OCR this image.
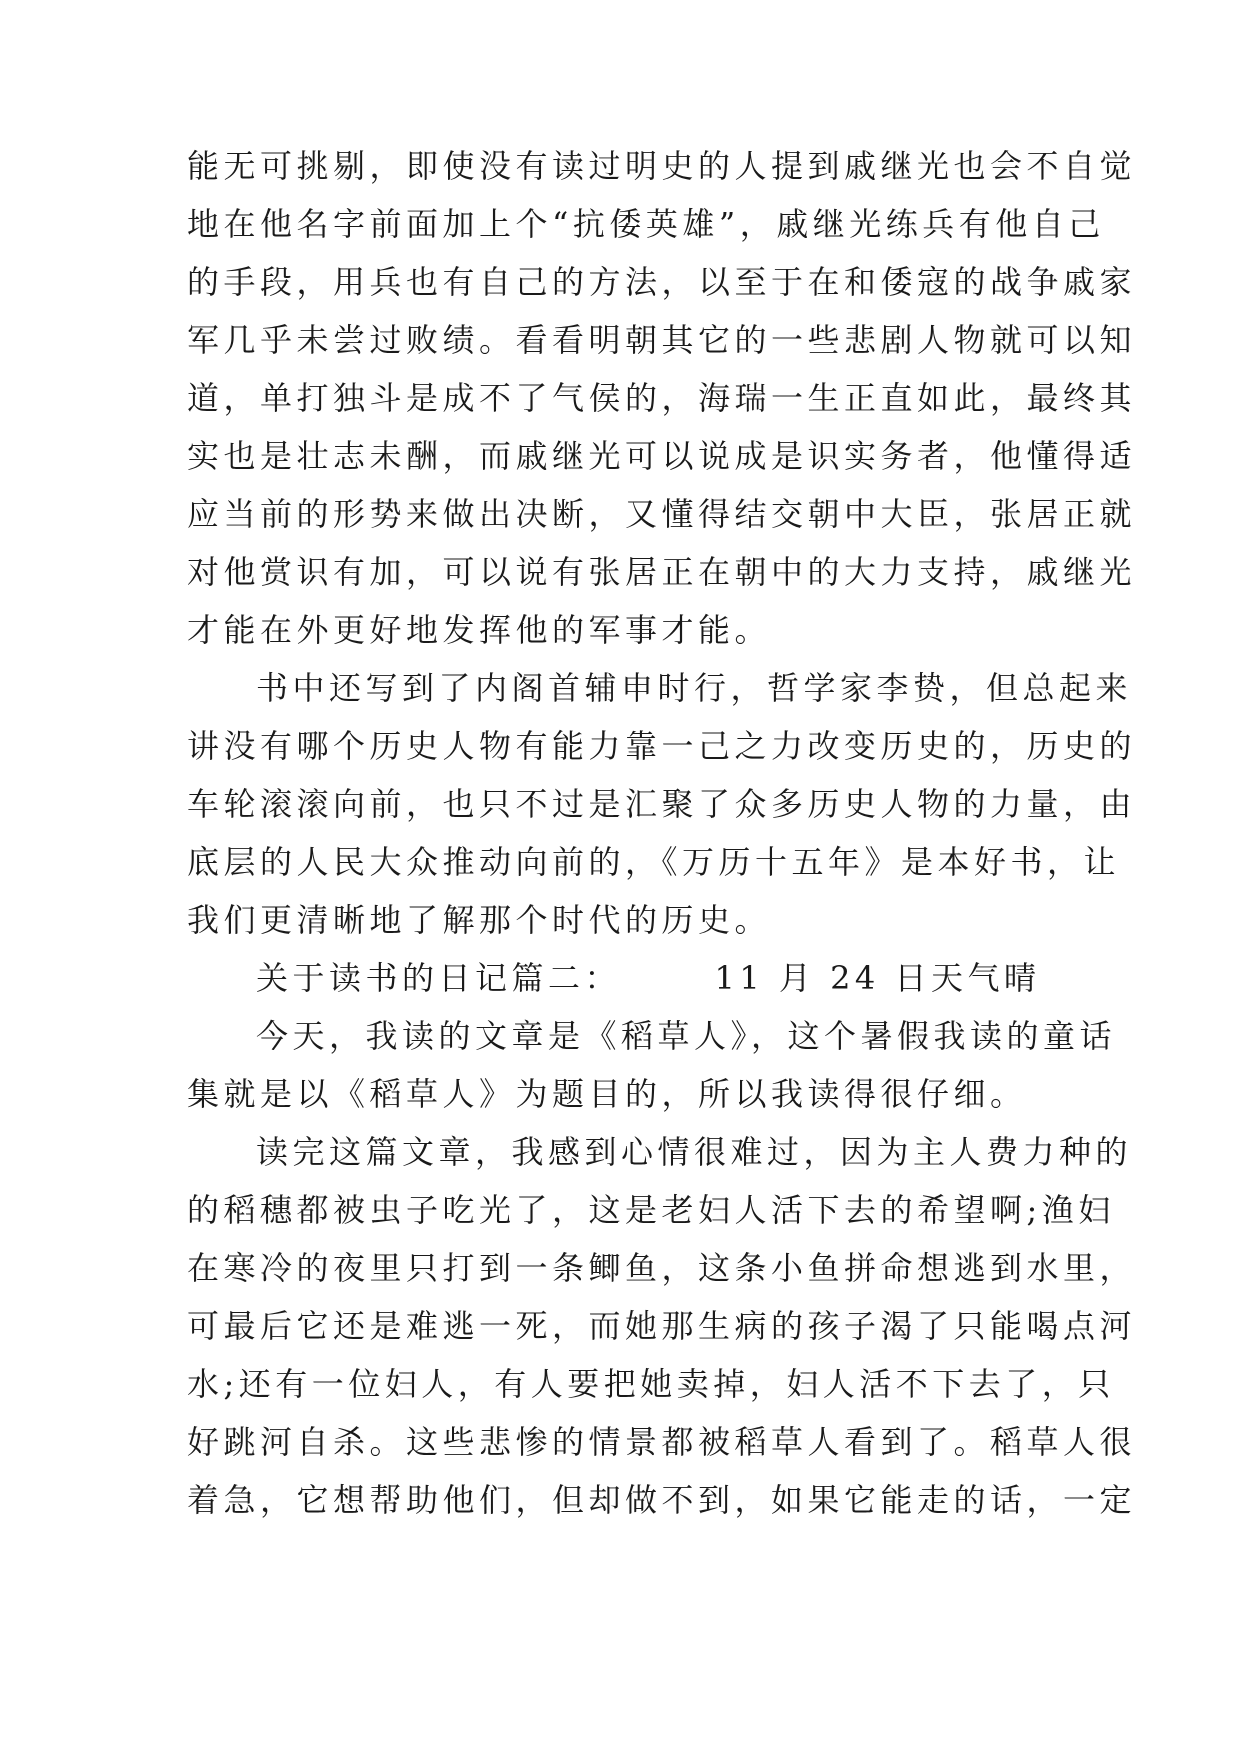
能无可挑剔，即使没有读过明史的人提到戚继光也会不自觉
地在他名字前面加上个“抗倭英雄”，戚继光练兵有他自己
的手段，用兵也有自己的方法，以至于在和倭寇的战争戚家
军几乎未尝过败绩。看看明朝其它的一些悲剧人物就可以知
道，单打独斗是成不了气侯的，海瑞一生正直如此，最终其
实也是壮志未酬，而戚继光可以说成是识实务者，他懂得适
应当前的形势来做出决断，又懂得结交朝中大臣，张居正就
对他赏识有加，可以说有张居正在朝中的大力支持，戚继光
才能在外更好地发挥他的军事才能。
书中还写到了内阁首辅申时行，哲学家李贽，但总起来
讲没有哪个历史人物有能力靠一己之力改变历史的，历史的
车轮滚滚向前，也只不过是汇聚了众多历史人物的力量，由
底层的人民大众推动向前的，《万历十五年》是本好书，让
我们更清晰地了解那个时代的历史。
关于读书的日记篇二：　　　11 月 24 日天气晴
今天，我读的文章是《稻草人》，这个暑假我读的童话
集就是以《稻草人》为题目的，所以我读得很仔细。
读完这篇文章，我感到心情很难过，因为主人费力种的
的稻穗都被虫子吃光了，这是老妇人活下去的希望啊;渔妇
在寒冷的夜里只打到一条鲫鱼，这条小鱼拼命想逃到水里，
可最后它还是难逃一死，而她那生病的孩子渴了只能喝点河
水;还有一位妇人，有人要把她卖掉，妇人活不下去了，只
好跳河自杀。这些悲惨的情景都被稻草人看到了。稻草人很
着急，它想帮助他们，但却做不到，如果它能走的话，一定
